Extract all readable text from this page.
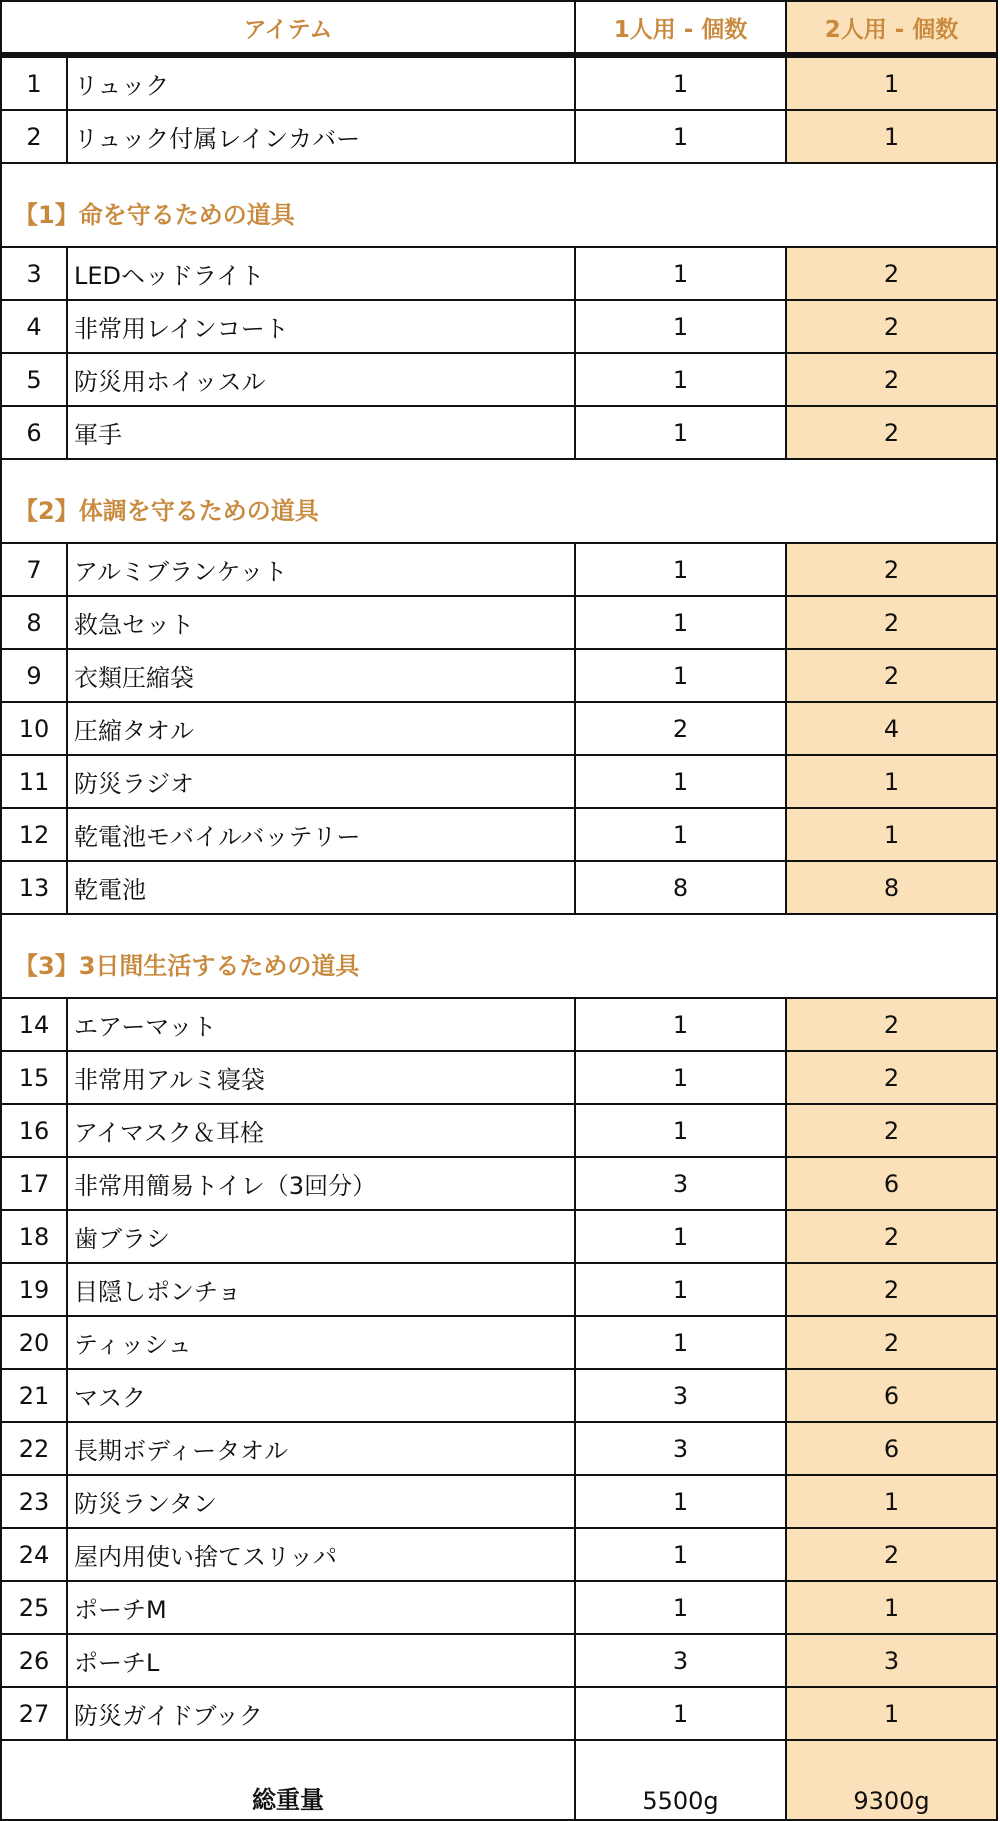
アイテム		1人用 - 個数	2人用 - 個数
1	リュック	1	1
2	リュック付属レインカバー	1	1
【1】命を守るための道具			
3	LEDヘッドライト	1	2
4	非常用レインコート	1	2
5	防災用ホイッスル	1	2
6	軍手	1	2
【2】体調を守るための道具			
7	アルミブランケット	1	2
8	救急セット	1	2
9	衣類圧縮袋	1	2
10	圧縮タオル	2	4
11	防災ラジオ	1	1
12	乾電池モバイルバッテリー	1	1
13	乾電池	8	8
【3】3日間生活するための道具			
14	エアーマット	1	2
15	非常用アルミ寝袋	1	2
16	アイマスク＆耳栓	1	2
17	非常用簡易トイレ（3回分）	3	6
18	歯ブラシ	1	2
19	目隠しポンチョ	1	2
20	ティッシュ	1	2
21	マスク	3	6
22	長期ボディータオル	3	6
23	防災ランタン	1	1
24	屋内用使い捨てスリッパ	1	2
25	ポーチM	1	1
26	ポーチL	3	3
27	防災ガイドブック	1	1
総重量		5500g	9300g
